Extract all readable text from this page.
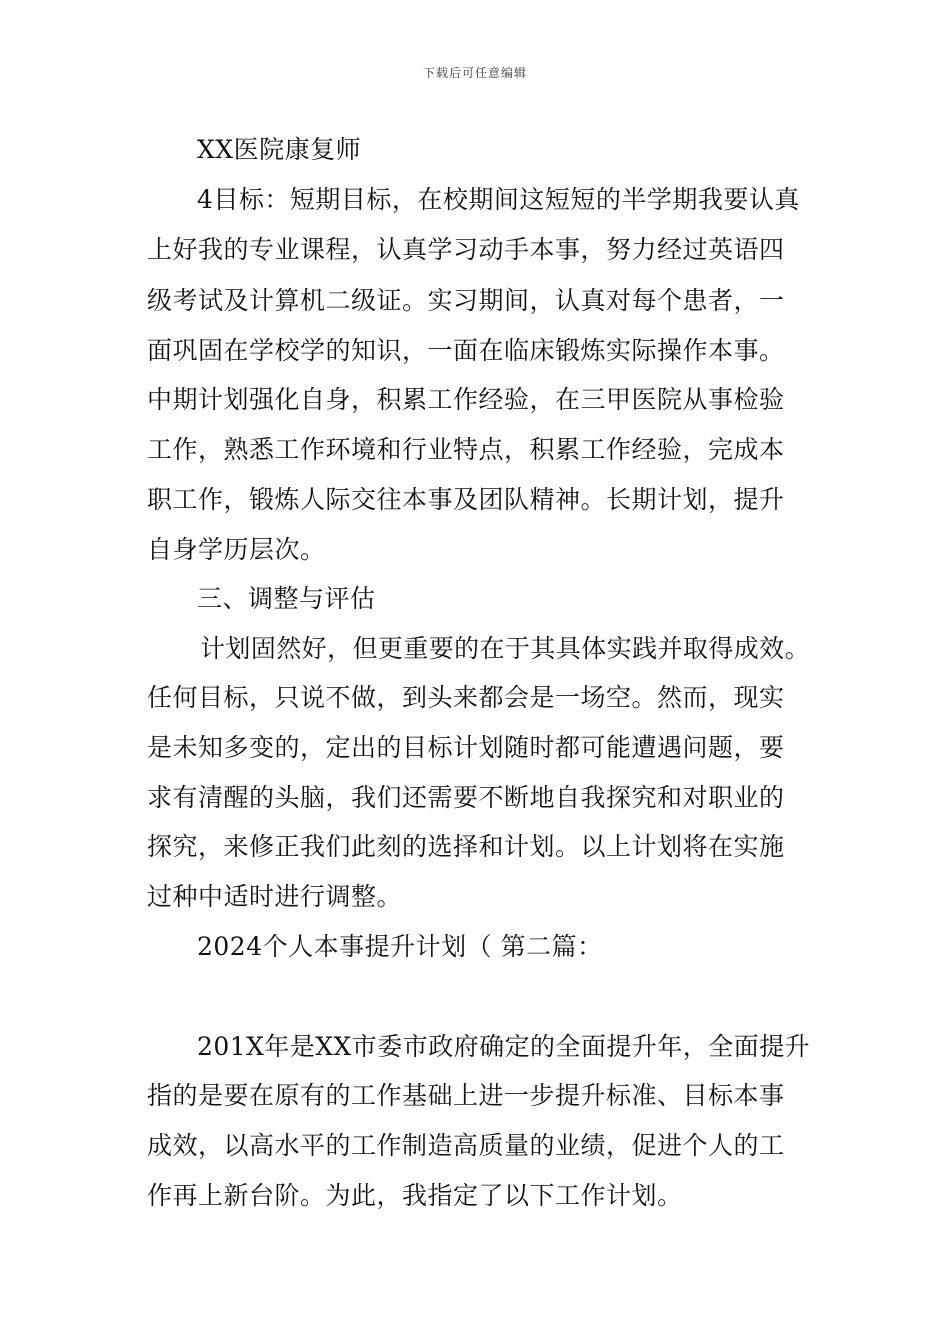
下载后可任意编辑
XX医院康复师
4目标：短期目标，在校期间这短短的半学期我要认真
上好我的专业课程，认真学习动手本事，努力经过英语四
级考试及计算机二级证。实习期间，认真对每个患者，一
面巩固在学校学的知识，一面在临床锻炼实际操作本事。
中期计划强化自身，积累工作经验，在三甲医院从事检验
工作，熟悉工作环境和行业特点，积累工作经验，完成本
职工作，锻炼人际交往本事及团队精神。长期计划，提升
自身学历层次。
三、调整与评估
计划固然好，但更重要的在于其具体实践并取得成效。
任何目标，只说不做，到头来都会是一场空。然而，现实
是未知多变的，定出的目标计划随时都可能遭遇问题，要
求有清醒的头脑，我们还需要不断地自我探究和对职业的
探究，来修正我们此刻的选择和计划。以上计划将在实施
过种中适时进行调整。
2024个人本事提升计划（ 第二篇：
201X年是XX市委市政府确定的全面提升年，全面提升
指的是要在原有的工作基础上进一步提升标准、目标本事
成效，以高水平的工作制造高质量的业绩，促进个人的工
作再上新台阶。为此，我指定了以下工作计划。
